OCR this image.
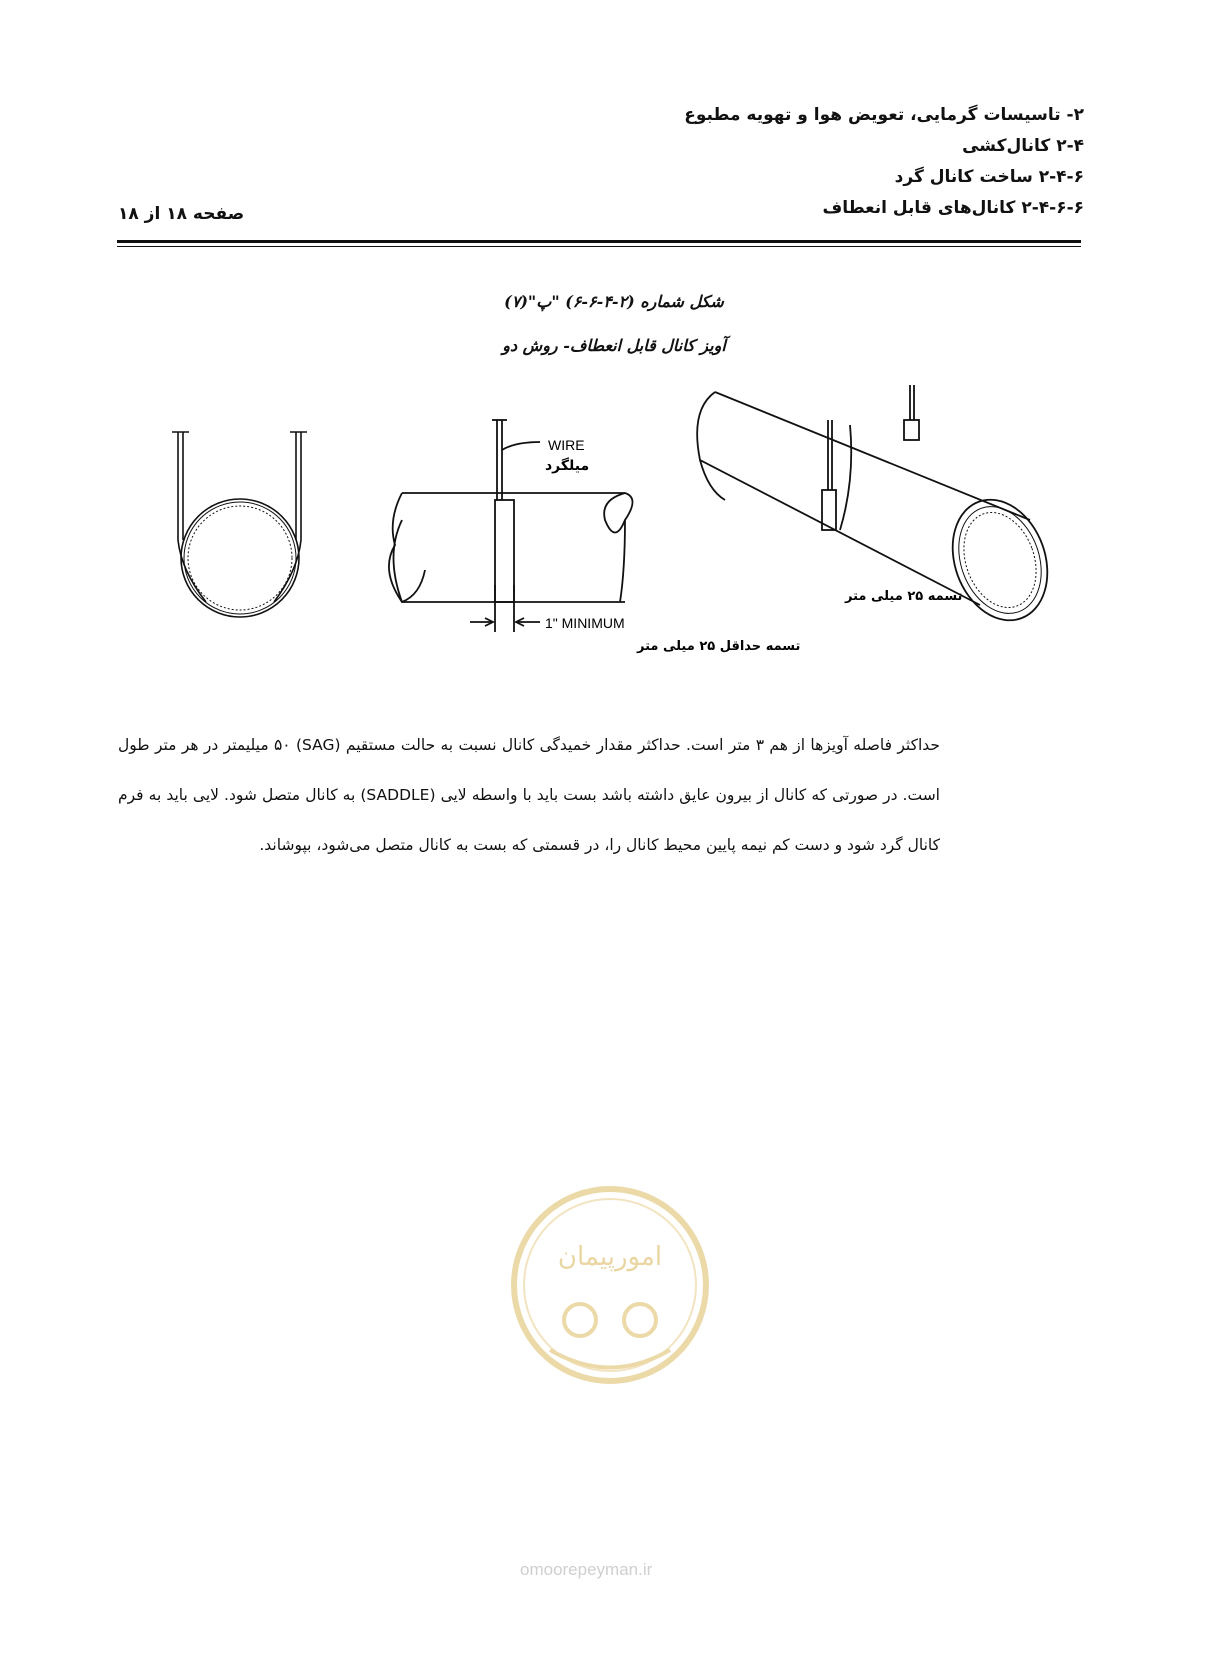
۲- تاسیسات گرمایی، تعویض هوا و تهویه مطبوع
۲-۴ کانال‌کشی
۲-۴-۶ ساخت کانال گرد
۲-۴-۶-۶ کانال‌های قابل انعطاف
صفحه ۱۸ از ۱۸
شکل شماره (۲-۴-۶-۶) "پ"(۷)
آویز کانال قابل انعطاف- روش دو
WIRE
میلگرد
1" MINIMUM
تسمه حداقل ۲۵ میلی متر
تسمه ۲۵ میلی متر

حداکثر فاصله آویزها از هم ۳ متر است. حداکثر مقدار خمیدگی کانال نسبت به حالت مستقیم (SAG) ۵۰ میلیمتر در هر متر طول است. در صورتی که کانال از بیرون عایق داشته باشد بست باید با واسطه لایی (SADDLE) به کانال متصل شود. لایی باید به فرم کانال گرد شود و دست کم نیمه پایین محیط کانال را، در قسمتی که بست به کانال متصل می‌شود، بپوشاند.

امورپیمان
omoorepeyman.ir
